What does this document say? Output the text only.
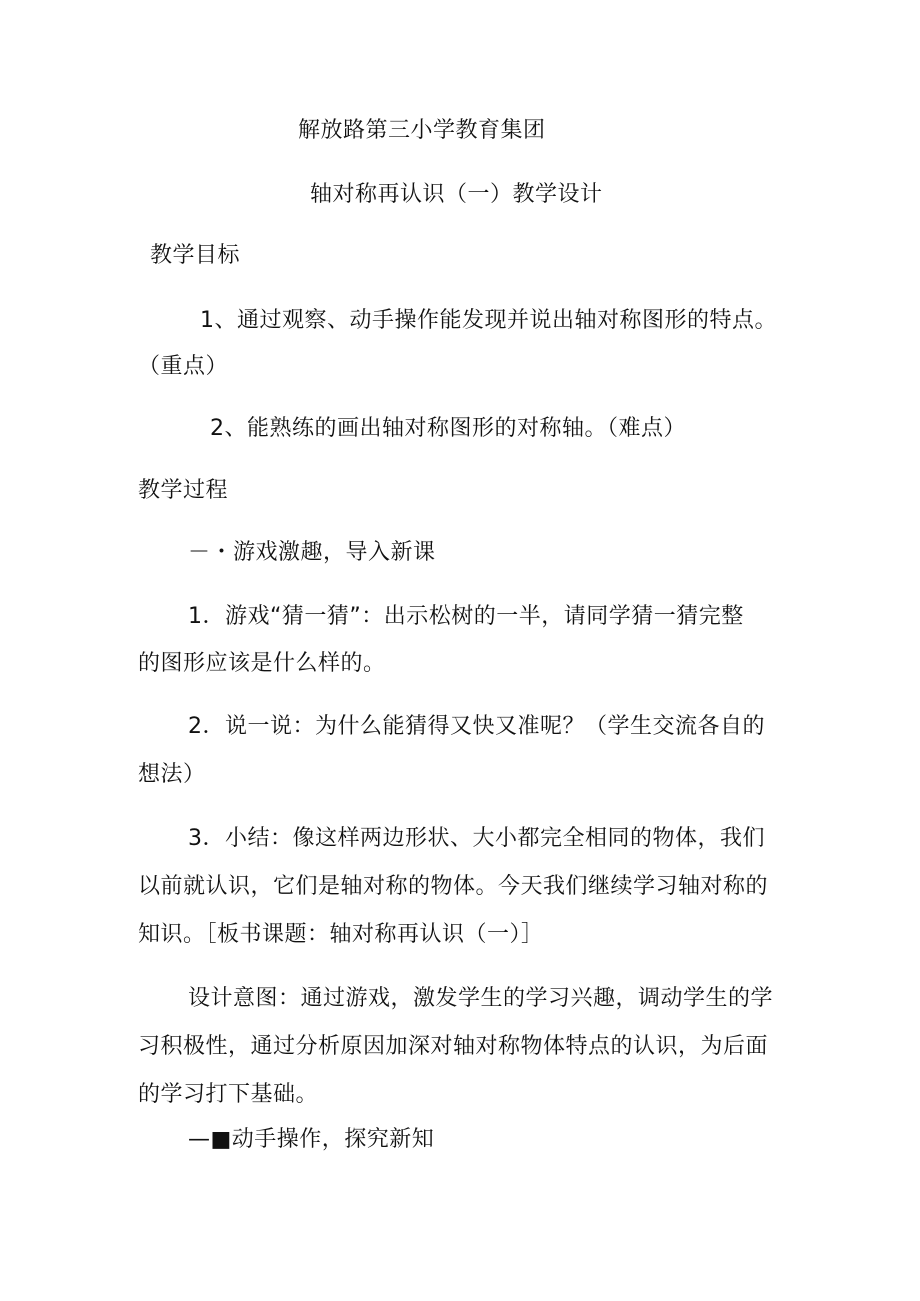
解放路第三小学教育集团
轴对称再认识（一）教学设计
教学目标
1、通过观察、动手操作能发现并说出轴对称图形的特点。
（重点）
2、能熟练的画出轴对称图形的对称轴。（难点）
教学过程
－・游戏激趣，导入新课
1．游戏“猜一猜”：出示松树的一半，请同学猜一猜完整
的图形应该是什么样的。
2．说一说：为什么能猜得又快又准呢？（学生交流各自的
想法）
3．小结：像这样两边形状、大小都完全相同的物体，我们
以前就认识，它们是轴对称的物体。今天我们继续学习轴对称的
知识。［板书课题：轴对称再认识（一）］
设计意图：通过游戏，激发学生的学习兴趣，调动学生的学
习积极性，通过分析原因加深对轴对称物体特点的认识，为后面
的学习打下基础。
—■动手操作，探究新知
